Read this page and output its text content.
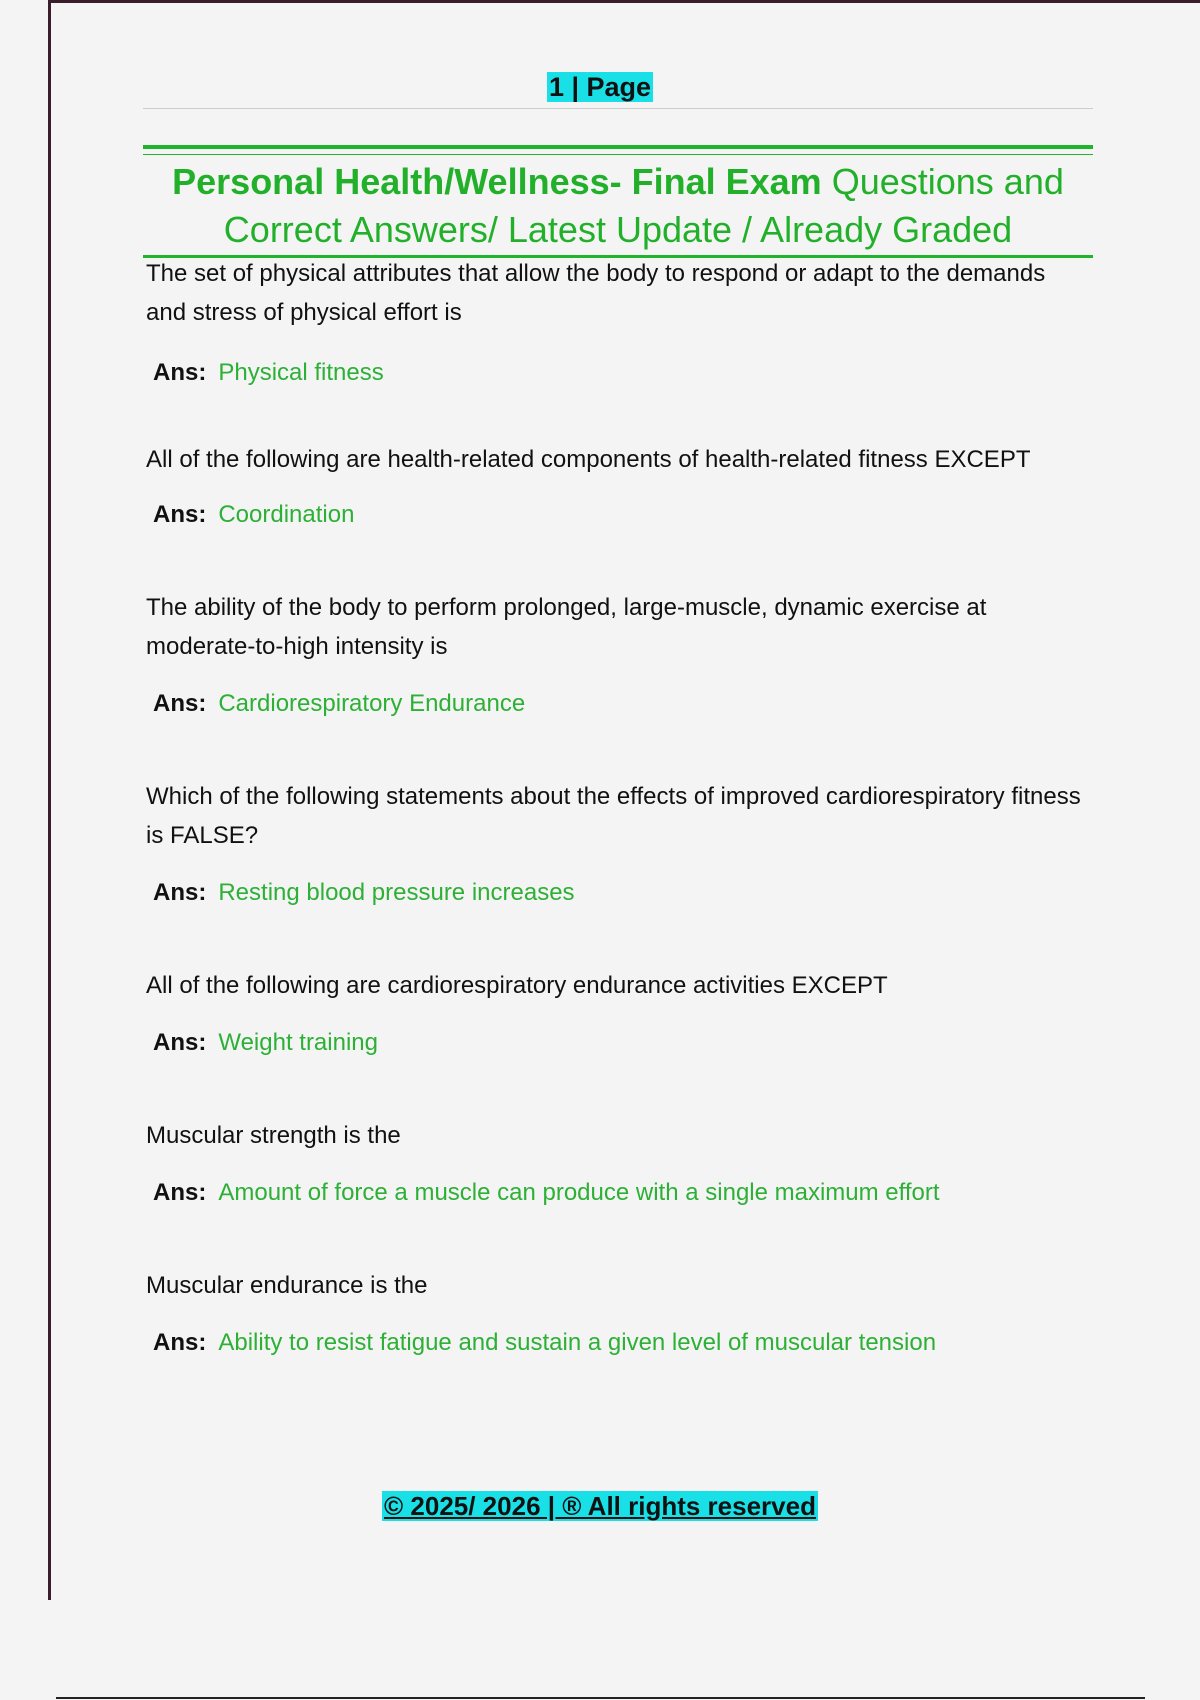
1 | Page
Personal Health/Wellness- Final Exam Questions and Correct Answers/ Latest Update / Already Graded

The set of physical attributes that allow the body to respond or adapt to the demands and stress of physical effort is

Ans: Physical fitness

All of the following are health-related components of health-related fitness EXCEPT

Ans: Coordination

The ability of the body to perform prolonged, large-muscle, dynamic exercise at moderate-to-high intensity is

Ans: Cardiorespiratory Endurance

Which of the following statements about the effects of improved cardiorespiratory fitness is FALSE?

Ans: Resting blood pressure increases

All of the following are cardiorespiratory endurance activities EXCEPT

Ans: Weight training

Muscular strength is the

Ans: Amount of force a muscle can produce with a single maximum effort

Muscular endurance is the

Ans: Ability to resist fatigue and sustain a given level of muscular tension

© 2025/ 2026 | ® All rights reserved
